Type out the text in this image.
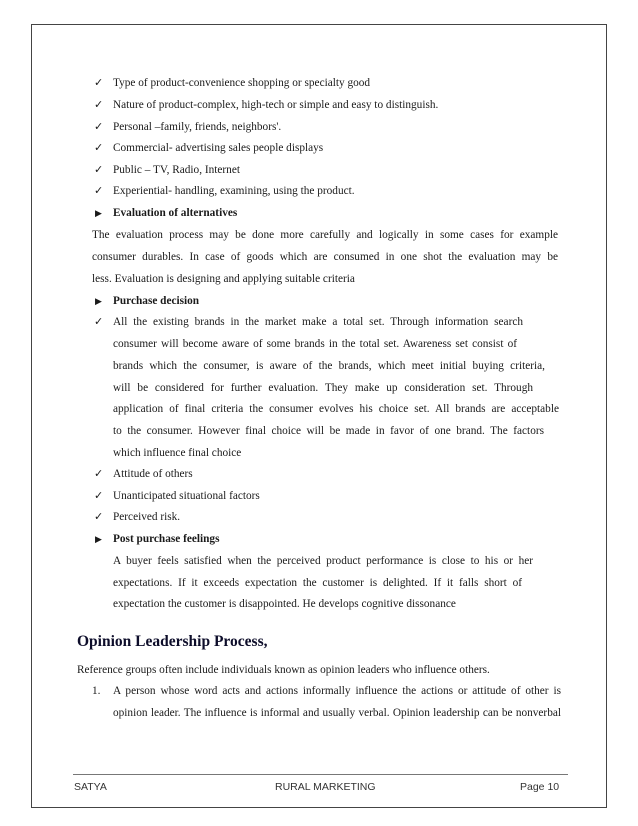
✓ Type of product-convenience shopping or specialty good
✓ Nature of product-complex, high-tech or simple and easy to distinguish.
✓ Personal –family, friends, neighbors'.
✓ Commercial- advertising sales people displays
✓ Public – TV, Radio, Internet
✓ Experiential- handling, examining, using the product.
▶ Evaluation of alternatives
The evaluation process may be done more carefully and logically in some cases for example
consumer durables. In case of goods which are consumed in one shot the evaluation may be
less. Evaluation is designing and applying suitable criteria
▶ Purchase decision
✓ All the existing brands in the market make a total set. Through information search
consumer will become aware of some brands in the total set. Awareness set consist of
brands which the consumer, is aware of the brands, which meet initial buying criteria,
will be considered for further evaluation. They make up consideration set. Through
application of final criteria the consumer evolves his choice set. All brands are acceptable
to the consumer. However final choice will be made in favor of one brand. The factors
which influence final choice
✓ Attitude of others
✓ Unanticipated situational factors
✓ Perceived risk.
▶ Post purchase feelings
A buyer feels satisfied when the perceived product performance is close to his or her
expectations. If it exceeds expectation the customer is delighted. If it falls short of
expectation the customer is disappointed. He develops cognitive dissonance
Opinion Leadership Process,
Reference groups often include individuals known as opinion leaders who influence others.
1. A person whose word acts and actions informally influence the actions or attitude of other is
opinion leader. The influence is informal and usually verbal. Opinion leadership can be nonverbal
SATYA	RURAL MARKETING	Page 10
